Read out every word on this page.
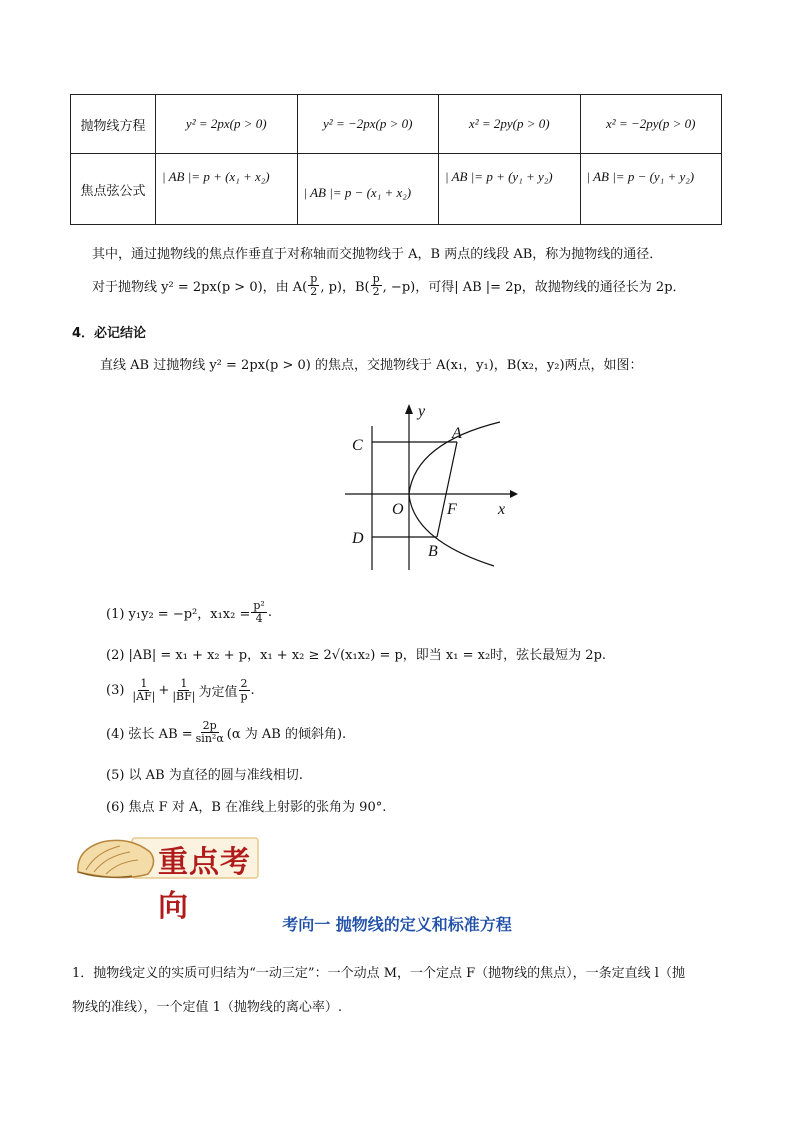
抛物线方程	y² = 2px(p > 0)	y² = −2px(p > 0)	x² = 2py(p > 0)	x² = −2py(p > 0)
焦点弦公式	| AB |= p + (x₁ + x₂)	| AB |= p − (x₁ + x₂)	| AB |= p + (y₁ + y₂)	| AB |= p − (y₁ + y₂)
其中，通过抛物线的焦点作垂直于对称轴而交抛物线于 A，B 两点的线段 AB，称为抛物线的通径．
对于抛物线 y² = 2px(p > 0)，由 $A( \frac{p}{2}$ , p)，$B( \frac{p}{2}$ , −p)，可得| AB |= 2p，故抛物线的通径长为 2p．
4．必记结论
直线 AB 过抛物线 y² = 2px(p > 0) 的焦点，交抛物线于 A(x₁，y₁)，B(x₂，y₂)两点，如图：
y
x
O	F
A
B
C
D
(1) y₁y₂ = −p²，$x_1x_2 = \frac{\text{p²}}{4}$ .
(2) |AB| = x₁ + x₂ + p，x₁ + x₂ ≥ 2√(x₁x₂) = p，即当 x₁ = x₂时，弦长最短为 2p.
$(3) \frac{1}{|AF|} + \frac{1}{|BF|}$ 为定值 $\frac{2}{p}$ .
(4) 弦长 AB = $\frac{2p}{\text{sin²α}} (\alpha$ 为 AB 的倾斜角).
(5) 以 AB 为直径的圆与准线相切.
(6) 焦点 F 对 A，B 在准线上射影的张角为 90°.
重点考向
考向一 抛物线的定义和标准方程
1．抛物线定义的实质可归结为“一动三定”：一个动点 M，一个定点 F（抛物线的焦点），一条定直线 l（抛
物线的准线），一个定值 1（抛物线的离心率）.
